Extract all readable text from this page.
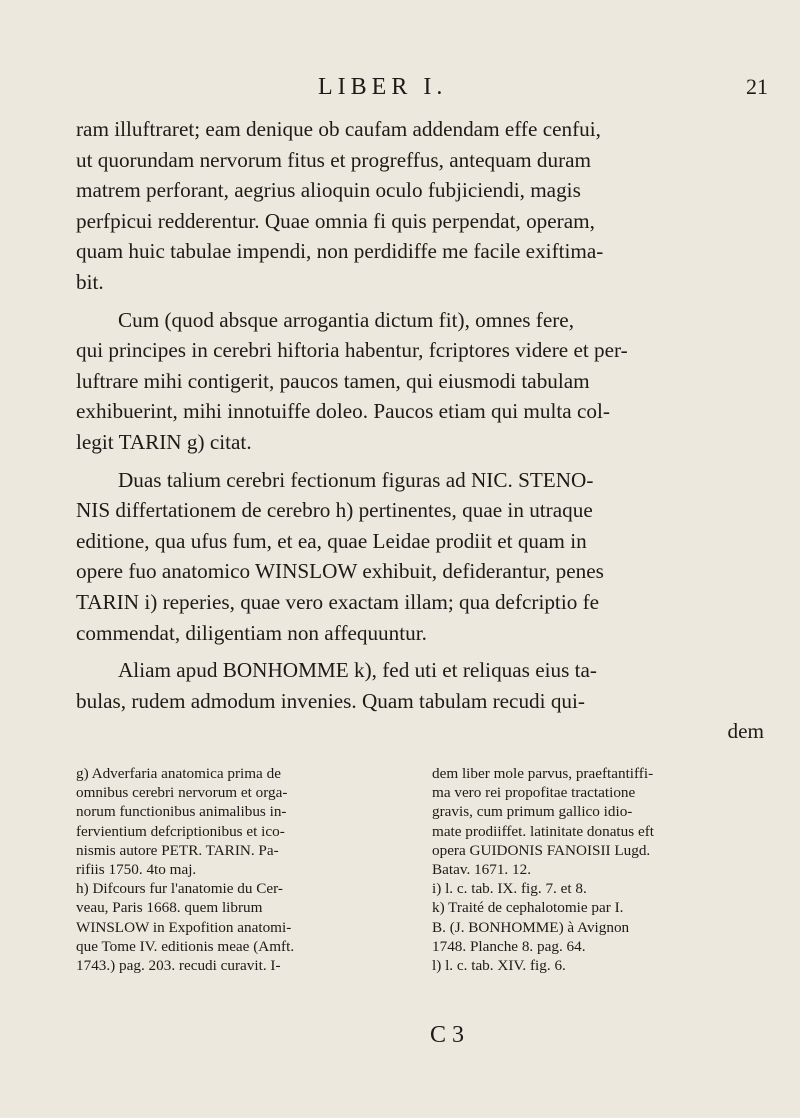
LIBER I.	21

ram illuftraret; eam denique ob caufam addendam effe cenfui,
ut quorundam nervorum fitus et progreffus, antequam duram
matrem perforant, aegrius alioquin oculo fubjiciendi, magis
perfpicui redderentur. Quae omnia fi quis perpendat, operam,
quam huic tabulae impendi, non perdidiffe me facile exiftima-
bit.

Cum (quod absque arrogantia dictum fit), omnes fere,
qui principes in cerebri hiftoria habentur, fcriptores videre et per-
luftrare mihi contigerit, paucos tamen, qui eiusmodi tabulam
exhibuerint, mihi innotuiffe doleo. Paucos etiam qui multa col-
legit TARIN g) citat.

Duas talium cerebri fectionum figuras ad NIC. STENO-
NIS differtationem de cerebro h) pertinentes, quae in utraque
editione, qua ufus fum, et ea, quae Leidae prodiit et quam in
opere fuo anatomico WINSLOW exhibuit, defiderantur, penes
TARIN i) reperies, quae vero exactam illam; qua defcriptio fe
commendat, diligentiam non affequuntur.

Aliam apud BONHOMME k), fed uti et reliquas eius ta-
bulas, rudem admodum invenies. Quam tabulam recudi qui-
dem

g) Adverfaria anatomica prima de
omnibus cerebri nervorum et orga-
norum functionibus animalibus in-
fervientium defcriptionibus et ico-
nismis autore PETR. TARIN. Pa-
rifiis 1750. 4to maj.
h) Difcours fur l'anatomie du Cer-
veau, Paris 1668. quem librum
WINSLOW in Expofition anatomi-
que Tome IV. editionis meae (Amft.
1743.) pag. 203. recudi curavit. I-
dem liber mole parvus, praeftantiffi-
ma vero rei propofitae tractatione
gravis, cum primum gallico idio-
mate prodiiffet. latinitate donatus eft
opera GUIDONIS FANOISII Lugd.
Batav. 1671. 12.
i) l. c. tab. IX. fig. 7. et 8.
k) Traité de cephalotomie par I.
B. (J. BONHOMME) à Avignon
1748. Planche 8. pag. 64.
l) l. c. tab. XIV. fig. 6.
C 3
